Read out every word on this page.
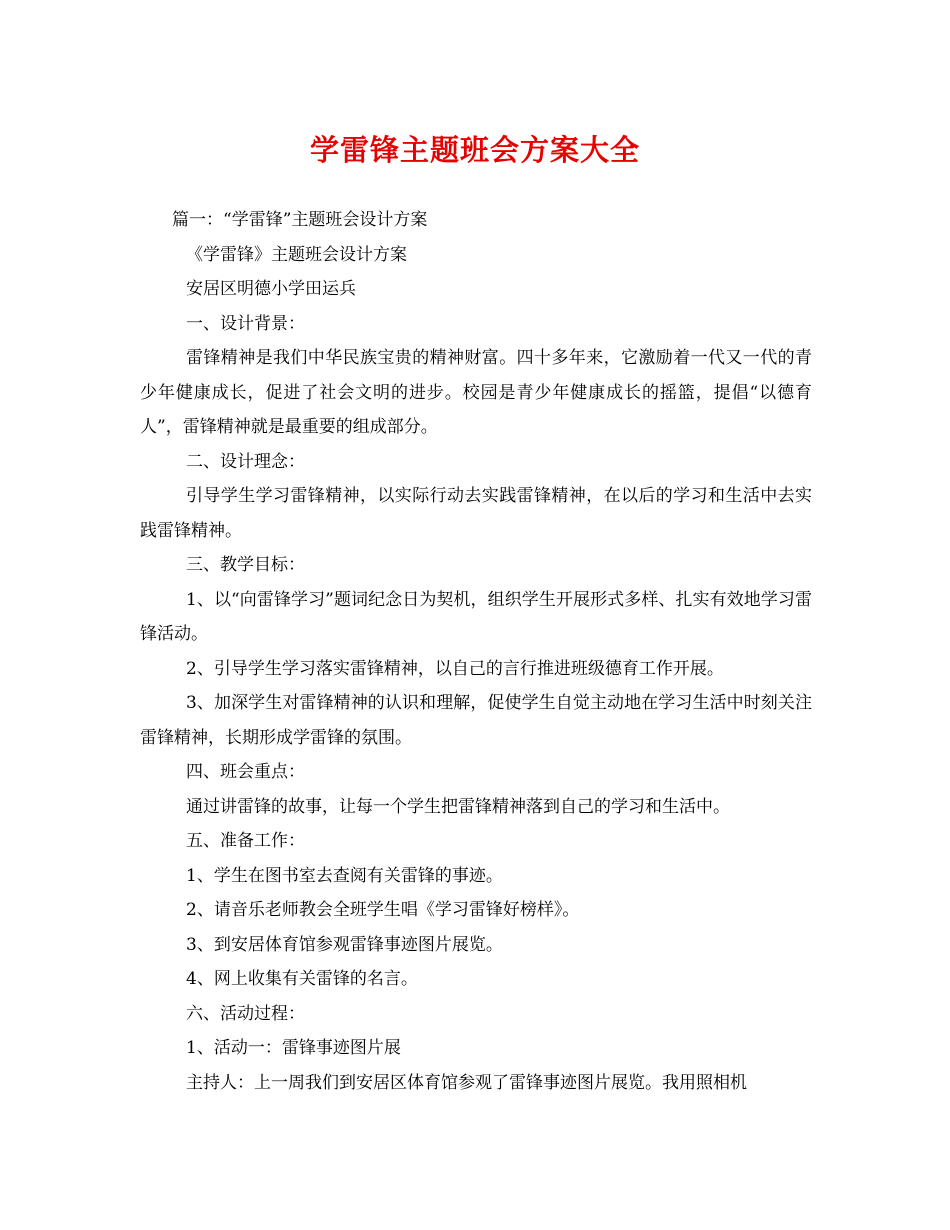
学雷锋主题班会方案大全

篇一：“学雷锋”主题班会设计方案

《学雷锋》主题班会设计方案

安居区明德小学田运兵

一、设计背景：

雷锋精神是我们中华民族宝贵的精神财富。四十多年来，它激励着一代又一代的青少年健康成长，促进了社会文明的进步。校园是青少年健康成长的摇篮，提倡“以德育人”，雷锋精神就是最重要的组成部分。

二、设计理念：

引导学生学习雷锋精神，以实际行动去实践雷锋精神，在以后的学习和生活中去实践雷锋精神。

三、教学目标：

1、以“向雷锋学习”题词纪念日为契机，组织学生开展形式多样、扎实有效地学习雷锋活动。

2、引导学生学习落实雷锋精神，以自己的言行推进班级德育工作开展。

3、加深学生对雷锋精神的认识和理解，促使学生自觉主动地在学习生活中时刻关注雷锋精神，长期形成学雷锋的氛围。

四、班会重点：

通过讲雷锋的故事，让每一个学生把雷锋精神落到自己的学习和生活中。

五、准备工作：

1、学生在图书室去查阅有关雷锋的事迹。

2、请音乐老师教会全班学生唱《学习雷锋好榜样》。

3、到安居体育馆参观雷锋事迹图片展览。

4、网上收集有关雷锋的名言。

六、活动过程：

1、活动一：雷锋事迹图片展

主持人：上一周我们到安居区体育馆参观了雷锋事迹图片展览。我用照相机
